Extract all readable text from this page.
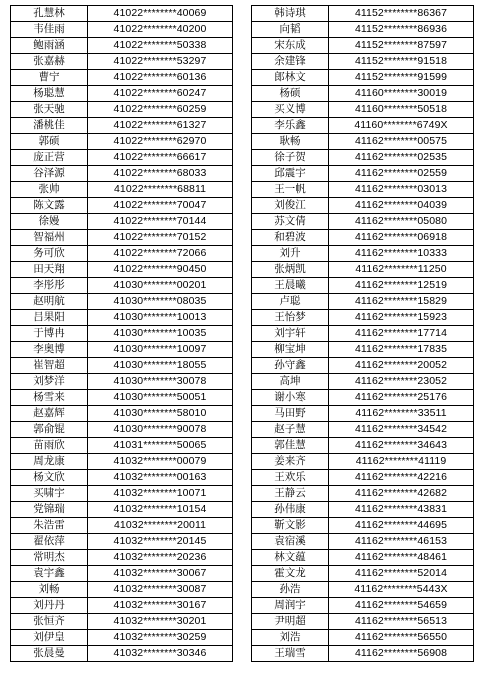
孔慧林	41022********40069
韦佳雨	41022********40200
鲍雨涵	41022********50338
张嘉赫	41022********53297
曹宁	41022********60136
杨聪慧	41022********60247
张天驰	41022********60259
潘桃佳	41022********61327
郭硕	41022********62970
庞正营	41022********66617
谷泽源	41022********68033
张帅	41022********68811
陈文露	41022********70047
徐嫚	41022********70144
智福州	41022********70152
务可欣	41022********72066
田天翔	41022********90450
李彤彤	41030********00201
赵明航	41030********08035
吕果阳	41030********10013
于博冉	41030********10035
李奥博	41030********10097
崔智超	41030********18055
刘梦洋	41030********30078
杨雪来	41030********50051
赵嘉辉	41030********58010
郭俞锟	41030********90078
苗雨欣	41031********50065
周龙康	41032********00079
杨文欣	41032********00163
买啸宇	41032********10071
党锦瑞	41032********10154
朱浩雷	41032********20011
翟依萍	41032********20145
常明杰	41032********20236
袁宇鑫	41032********30067
刘畅	41032********30087
刘丹丹	41032********30167
张恒齐	41032********30201
刘伊皇	41032********30259
张晨曼	41032********30346
韩诗琪	41152********86367
向韬	41152********86936
宋东成	41152********87597
余建锋	41152********91518
郎林文	41152********91599
杨硕	41160********30019
买义博	41160********50518
李乐鑫	41160********6749X
耿畅	41162********00575
徐子贺	41162********02535
邱震宇	41162********02559
王一帆	41162********03013
刘俊江	41162********04039
苏文倩	41162********05080
和碧波	41162********06918
刘升	41162********10333
张炳凯	41162********11250
王晨曦	41162********12519
卢聪	41162********15829
王怡梦	41162********15923
刘宇轩	41162********17714
柳宝坤	41162********17835
孙守鑫	41162********20052
高坤	41162********23052
谢小寒	41162********25176
马田野	41162********33511
赵子慧	41162********34542
郭佳慧	41162********34643
姜来齐	41162********41119
王欢乐	41162********42216
王静云	41162********42682
孙伟康	41162********43831
靳文影	41162********44695
袁宿溪	41162********46153
林文蕴	41162********48461
霍文龙	41162********52014
孙浩	41162********5443X
周润宇	41162********54659
尹明超	41162********56513
刘浩	41162********56550
王瑞雪	41162********56908
